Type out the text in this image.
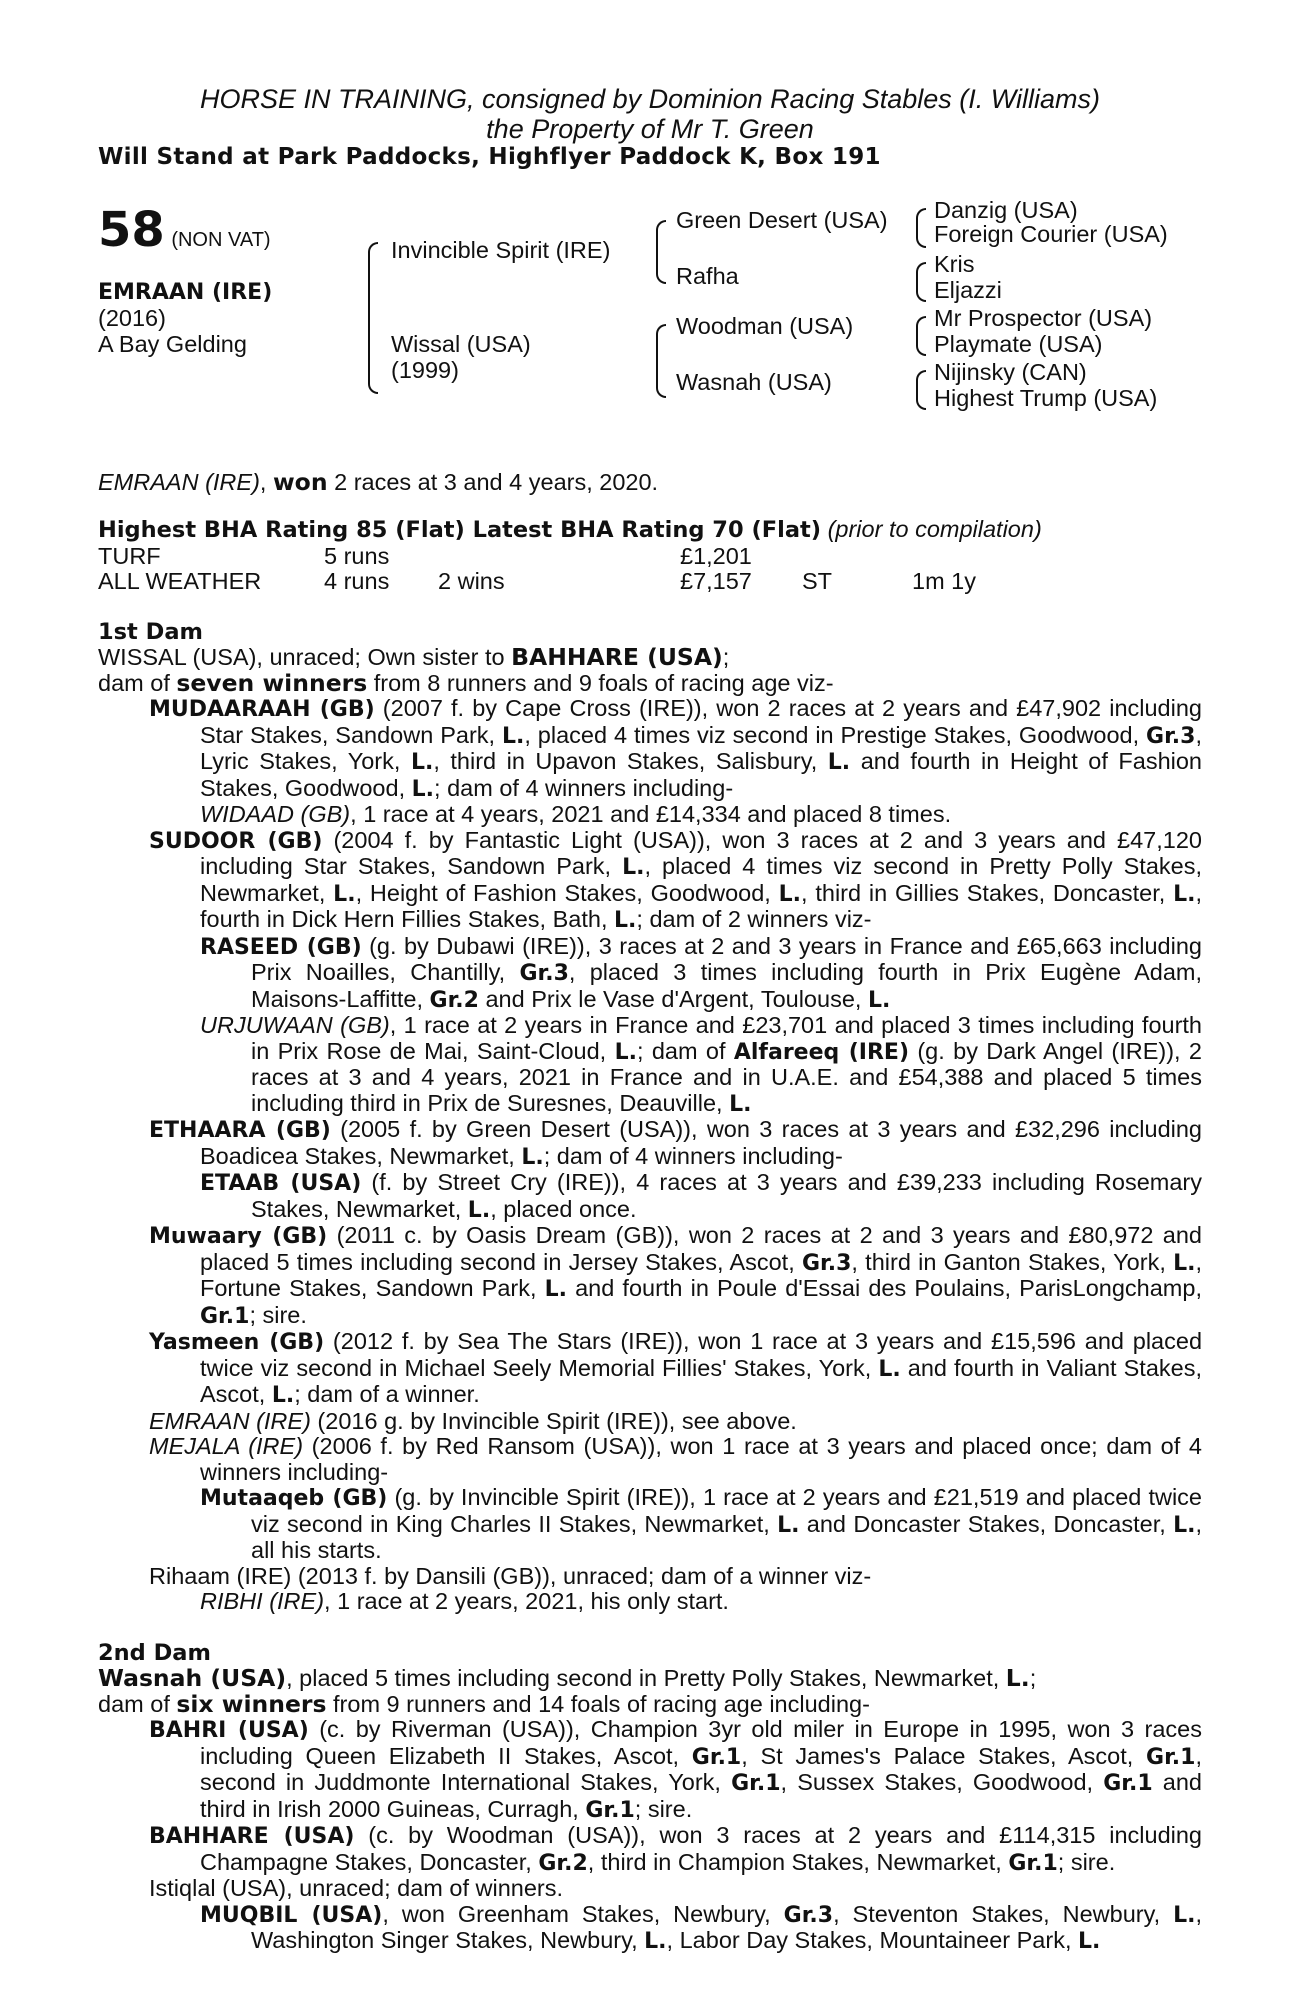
HORSE IN TRAINING, consigned by Dominion Racing Stables (I. Williams)
the Property of Mr T. Green
Will Stand at Park Paddocks, Highflyer Paddock K, Box 191
58 (NON VAT)
EMRAAN (IRE)
(2016)
A Bay Gelding
Invincible Spirit (IRE)
Wissal (USA)
(1999)
Green Desert (USA)
Rafha
Woodman (USA)
Wasnah (USA)
Danzig (USA)
Foreign Courier (USA)
Kris
Eljazzi
Mr Prospector (USA)
Playmate (USA)
Nijinsky (CAN)
Highest Trump (USA)

EMRAAN (IRE), won 2 races at 3 and 4 years, 2020.

Highest BHA Rating 85 (Flat) Latest BHA Rating 70 (Flat) (prior to compilation)

TURF	5 runs	£1,201
ALL WEATHER	4 runs 2 wins	£7,157 ST	1m 1y

1st Dam

WISSAL (USA), unraced; Own sister to BAHHARE (USA);

dam of seven winners from 8 runners and 9 foals of racing age viz-

MUDAARAAH (GB) (2007 f. by Cape Cross (IRE)), won 2 races at 2 years and £47,902 including Star Stakes, Sandown Park, L., placed 4 times viz second in Prestige Stakes, Goodwood, Gr.3, Lyric Stakes, York, L., third in Upavon Stakes, Salisbury, L. and fourth in Height of Fashion Stakes, Goodwood, L.; dam of 4 winners including-

WIDAAD (GB), 1 race at 4 years, 2021 and £14,334 and placed 8 times.

SUDOOR (GB) (2004 f. by Fantastic Light (USA)), won 3 races at 2 and 3 years and £47,120 including Star Stakes, Sandown Park, L., placed 4 times viz second in Pretty Polly Stakes, Newmarket, L., Height of Fashion Stakes, Goodwood, L., third in Gillies Stakes, Doncaster, L., fourth in Dick Hern Fillies Stakes, Bath, L.; dam of 2 winners viz-

RASEED (GB) (g. by Dubawi (IRE)), 3 races at 2 and 3 years in France and £65,663 including Prix Noailles, Chantilly, Gr.3, placed 3 times including fourth in Prix Eugène Adam, Maisons-Laffitte, Gr.2 and Prix le Vase d'Argent, Toulouse, L.

URJUWAAN (GB), 1 race at 2 years in France and £23,701 and placed 3 times including fourth in Prix Rose de Mai, Saint-Cloud, L.; dam of Alfareeq (IRE) (g. by Dark Angel (IRE)), 2 races at 3 and 4 years, 2021 in France and in U.A.E. and £54,388 and placed 5 times including third in Prix de Suresnes, Deauville, L.

ETHAARA (GB) (2005 f. by Green Desert (USA)), won 3 races at 3 years and £32,296 including Boadicea Stakes, Newmarket, L.; dam of 4 winners including-

ETAAB (USA) (f. by Street Cry (IRE)), 4 races at 3 years and £39,233 including Rosemary Stakes, Newmarket, L., placed once.

Muwaary (GB) (2011 c. by Oasis Dream (GB)), won 2 races at 2 and 3 years and £80,972 and placed 5 times including second in Jersey Stakes, Ascot, Gr.3, third in Ganton Stakes, York, L., Fortune Stakes, Sandown Park, L. and fourth in Poule d'Essai des Poulains, ParisLongchamp, Gr.1; sire.

Yasmeen (GB) (2012 f. by Sea The Stars (IRE)), won 1 race at 3 years and £15,596 and placed twice viz second in Michael Seely Memorial Fillies' Stakes, York, L. and fourth in Valiant Stakes, Ascot, L.; dam of a winner.

EMRAAN (IRE) (2016 g. by Invincible Spirit (IRE)), see above.

MEJALA (IRE) (2006 f. by Red Ransom (USA)), won 1 race at 3 years and placed once; dam of 4 winners including-

Mutaaqeb (GB) (g. by Invincible Spirit (IRE)), 1 race at 2 years and £21,519 and placed twice viz second in King Charles II Stakes, Newmarket, L. and Doncaster Stakes, Doncaster, L., all his starts.

Rihaam (IRE) (2013 f. by Dansili (GB)), unraced; dam of a winner viz-

RIBHI (IRE), 1 race at 2 years, 2021, his only start.

2nd Dam

Wasnah (USA), placed 5 times including second in Pretty Polly Stakes, Newmarket, L.;

dam of six winners from 9 runners and 14 foals of racing age including-

BAHRI (USA) (c. by Riverman (USA)), Champion 3yr old miler in Europe in 1995, won 3 races including Queen Elizabeth II Stakes, Ascot, Gr.1, St James's Palace Stakes, Ascot, Gr.1, second in Juddmonte International Stakes, York, Gr.1, Sussex Stakes, Goodwood, Gr.1 and third in Irish 2000 Guineas, Curragh, Gr.1; sire.

BAHHARE (USA) (c. by Woodman (USA)), won 3 races at 2 years and £114,315 including Champagne Stakes, Doncaster, Gr.2, third in Champion Stakes, Newmarket, Gr.1; sire.

Istiqlal (USA), unraced; dam of winners.

MUQBIL (USA), won Greenham Stakes, Newbury, Gr.3, Steventon Stakes, Newbury, L., Washington Singer Stakes, Newbury, L., Labor Day Stakes, Mountaineer Park, L.
